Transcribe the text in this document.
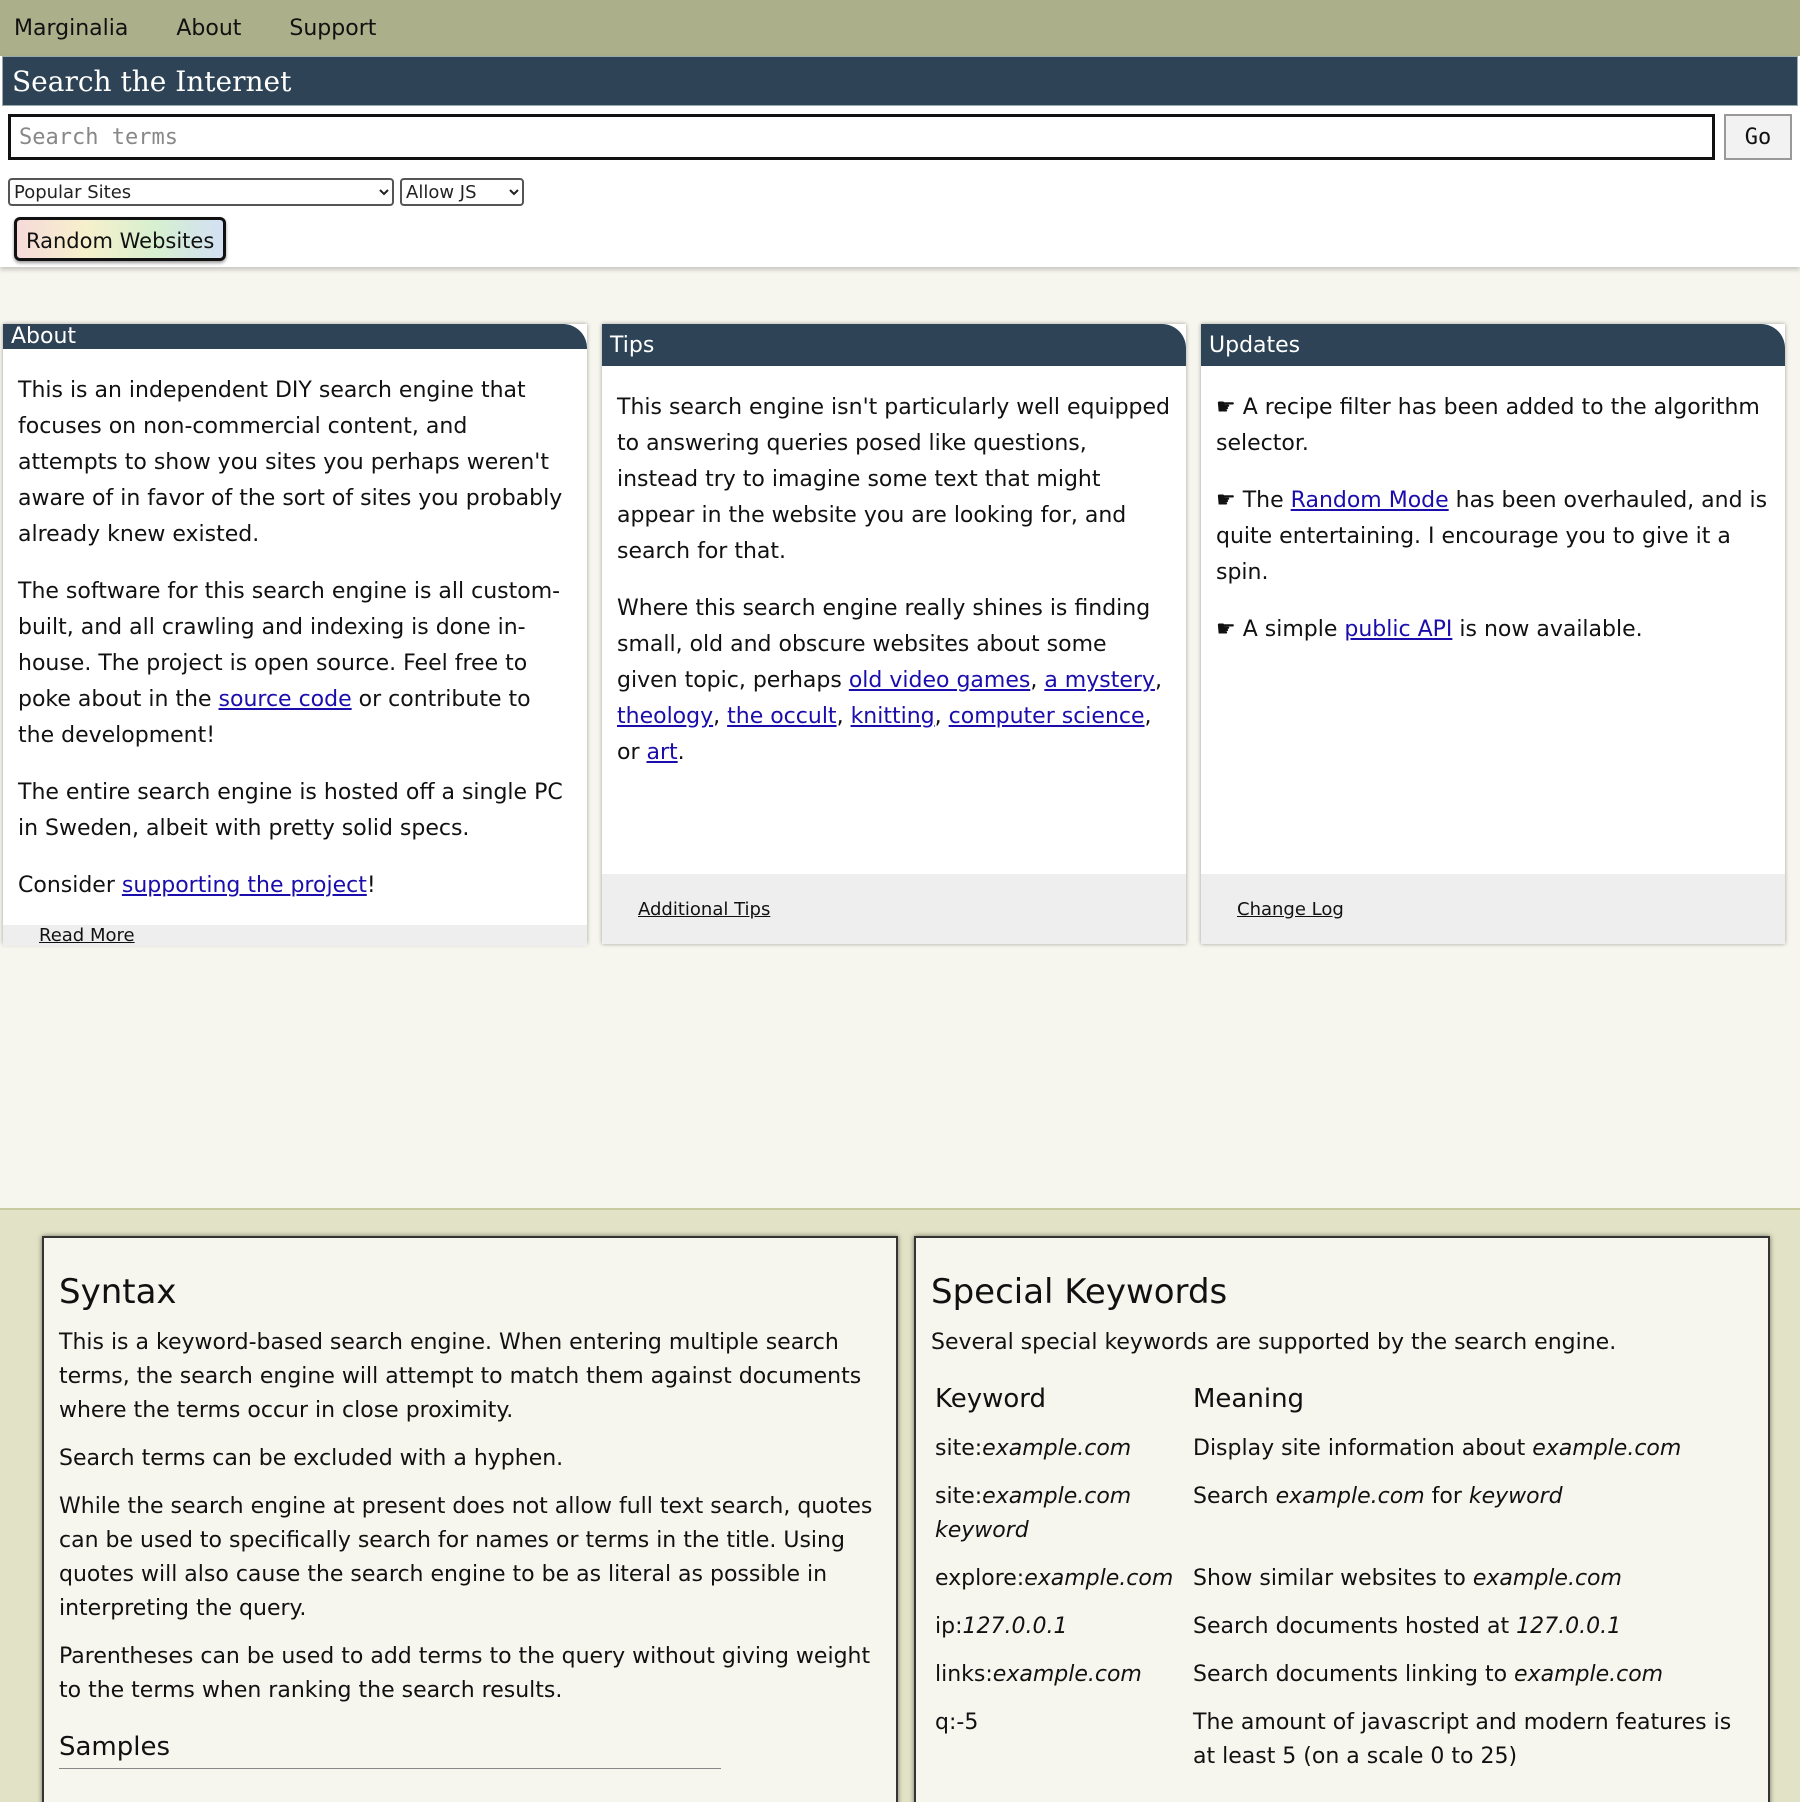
Marginalia About Support
Search the Internet
Search terms
Go
Popular Sites
Allow JS
Random Websites
About

This is an independent DIY search engine that focuses on non-commercial content, and attempts to show you sites you perhaps weren't aware of in favor of the sort of sites you probably already knew existed.

The software for this search engine is all custom-built, and all crawling and indexing is done in-house. The project is open source. Feel free to poke about in the source code or contribute to the development!

The entire search engine is hosted off a single PC in Sweden, albeit with pretty solid specs.

Consider supporting the project!

Read More
Tips

This search engine isn't particularly well equipped to answering queries posed like questions, instead try to imagine some text that might appear in the website you are looking for, and search for that.

Where this search engine really shines is finding small, old and obscure websites about some given topic, perhaps old video games, a mystery, theology, the occult, knitting, computer science, or art.

Additional Tips
Updates

☛ A recipe filter has been added to the algorithm selector.

☛ The Random Mode has been overhauled, and is quite entertaining. I encourage you to give it a spin.

☛ A simple public API is now available.

Change Log
Syntax

This is a keyword-based search engine. When entering multiple search terms, the search engine will attempt to match them against documents where the terms occur in close proximity.

Search terms can be excluded with a hyphen.

While the search engine at present does not allow full text search, quotes can be used to specifically search for names or terms in the title. Using quotes will also cause the search engine to be as literal as possible in interpreting the query.

Parentheses can be used to add terms to the query without giving weight to the terms when ranking the search results.

Samples
Special Keywords

Several special keywords are supported by the search engine.

Keyword	Meaning
site:example.com	Display site information about example.com
site:example.com keyword	Search example.com for keyword
explore:example.com	Show similar websites to example.com
ip:127.0.0.1	Search documents hosted at 127.0.0.1
links:example.com	Search documents linking to example.com
q:-5	The amount of javascript and modern features is at least 5 (on a scale 0 to 25)
